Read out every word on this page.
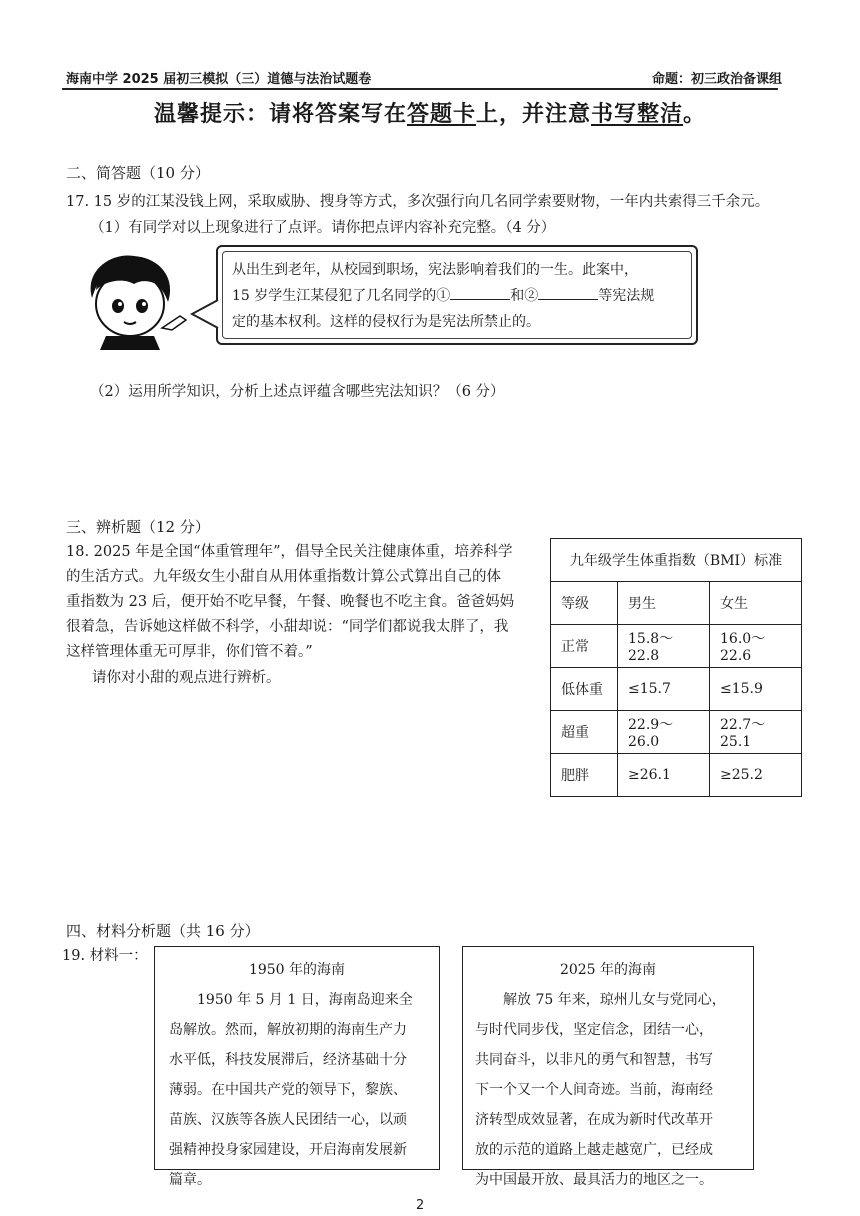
海南中学 2025 届初三模拟（三）道德与法治试题卷	命题：初三政治备课组
温馨提示：请将答案写在答题卡上，并注意书写整洁。
二、简答题（10 分）
17. 15 岁的江某没钱上网，采取威胁、搜身等方式，多次强行向几名同学索要财物，一年内共索得三千余元。
（1）有同学对以上现象进行了点评。请你把点评内容补充完整。（4 分）
从出生到老年，从校园到职场，宪法影响着我们的一生。此案中，
15 岁学生江某侵犯了几名同学的①	和②	等宪法规
定的基本权利。这样的侵权行为是宪法所禁止的。
（2）运用所学知识，分析上述点评蕴含哪些宪法知识？（6 分）
三、辨析题（12 分）
18. 2025 年是全国“体重管理年”，倡导全民关注健康体重，培养科学
的生活方式。九年级女生小甜自从用体重指数计算公式算出自己的体
重指数为 23 后，便开始不吃早餐，午餐、晚餐也不吃主食。爸爸妈妈
很着急，告诉她这样做不科学，小甜却说：“同学们都说我太胖了，我
这样管理体重无可厚非，你们管不着。”
请你对小甜的观点进行辨析。
九年级学生体重指数（BMI）标准		
等级	男生	女生
正常	15.8～22.8	16.0～22.6
低体重	≤15.7	≤15.9
超重	22.9～26.0	22.7～25.1
肥胖	≥26.1	≥25.2
四、材料分析题（共 16 分）
19. 材料一：
1950 年的海南
1950 年 5 月 1 日，海南岛迎来全
岛解放。然而，解放初期的海南生产力
水平低，科技发展滞后，经济基础十分
薄弱。在中国共产党的领导下，黎族、
苗族、汉族等各族人民团结一心，以顽
强精神投身家园建设，开启海南发展新
篇章。
2025 年的海南
解放 75 年来，琼州儿女与党同心，
与时代同步伐，坚定信念，团结一心，
共同奋斗，以非凡的勇气和智慧，书写
下一个又一个人间奇迹。当前，海南经
济转型成效显著，在成为新时代改革开
放的示范的道路上越走越宽广，已经成
为中国最开放、最具活力的地区之一。
2
